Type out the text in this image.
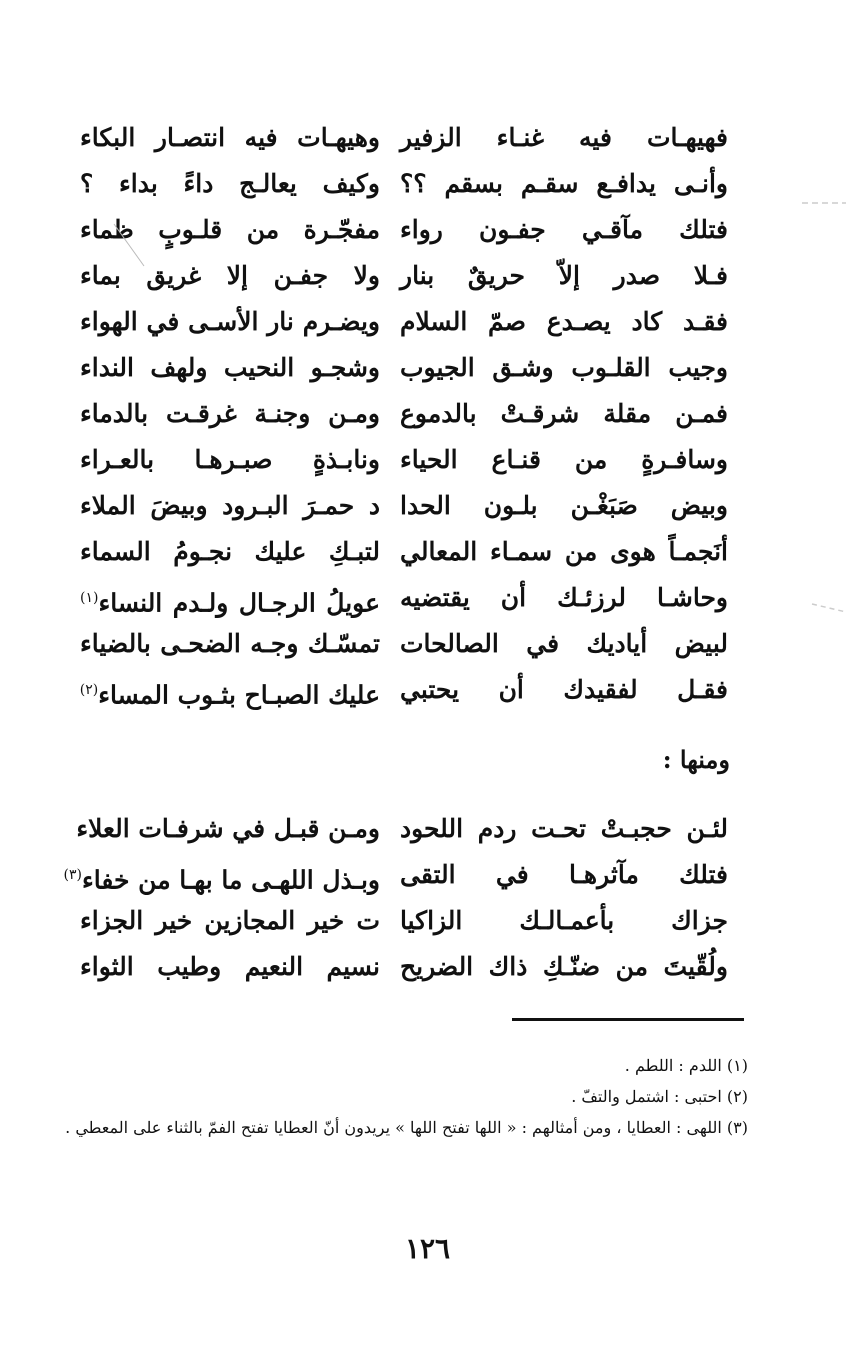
فهيهـات فيه غنـاء الزفير
وهيهـات فيه انتصـار البكاء
وأنـى يدافـع سقـم بسقم ؟؟
وكيف يعالـج داءً بداء ؟
فتلك مآقـي جفـون رواء
مفجّـرة من قلـوبٍ ظماء
فـلا صدر إلاّ حريقٌ بنار
ولا جفـن إلا غريق بماء
فقـد كاد يصـدع صمّ السلام
ويضـرم نار الأسـى في الهواء
وجيب القلـوب وشـق الجيوب
وشجـو النحيب ولهف النداء
فمـن مقلة شرقـتْ بالدموع
ومـن وجنـة غرقـت بالدماء
وسافـرةٍ من قنـاع الحياء
ونابـذةٍ صبـرهـا بالعـراء
وبيض صَبَغْـن بلـون الحدا
د حمـرَ البـرود وبيضَ الملاء
أنَجمـاً هوى من سمـاء المعالي
لتبـكِ عليك نجـومُ السماء
وحاشـا لرزئـك أن يقتضيه
عويلُ الرجـال ولـدم النساء$^{(١)}$
لبيض أياديك في الصالحات
تمسّـك وجـه الضحـى بالضياء
فقـل لفقيدك أن يحتبي
عليك الصبـاح بثـوب المساء$^{(٢)}$
ومنها :
لئـن حجبـتْ تحـت ردم اللحود
ومـن قبـل في شرفـات العلاء
فتلك مآثرهـا في التقى
وبـذل اللهـى ما بهـا من خفاء$^{(٣)}$
جزاك بأعمـالـك الزاكيا
ت خير المجازين خير الجزاء
ولُقّيتَ من ضنّـكِ ذاك الضريح
نسيم النعيم وطيب الثواء

(١) اللدم : اللطم .

(٢) احتبى : اشتمل والتفّ .

(٣) اللهى : العطايا ، ومن أمثالهم : « اللها تفتح اللها » يريدون أنّ العطايا تفتح الفمّ بالثناء على المعطي .

١٢٦
